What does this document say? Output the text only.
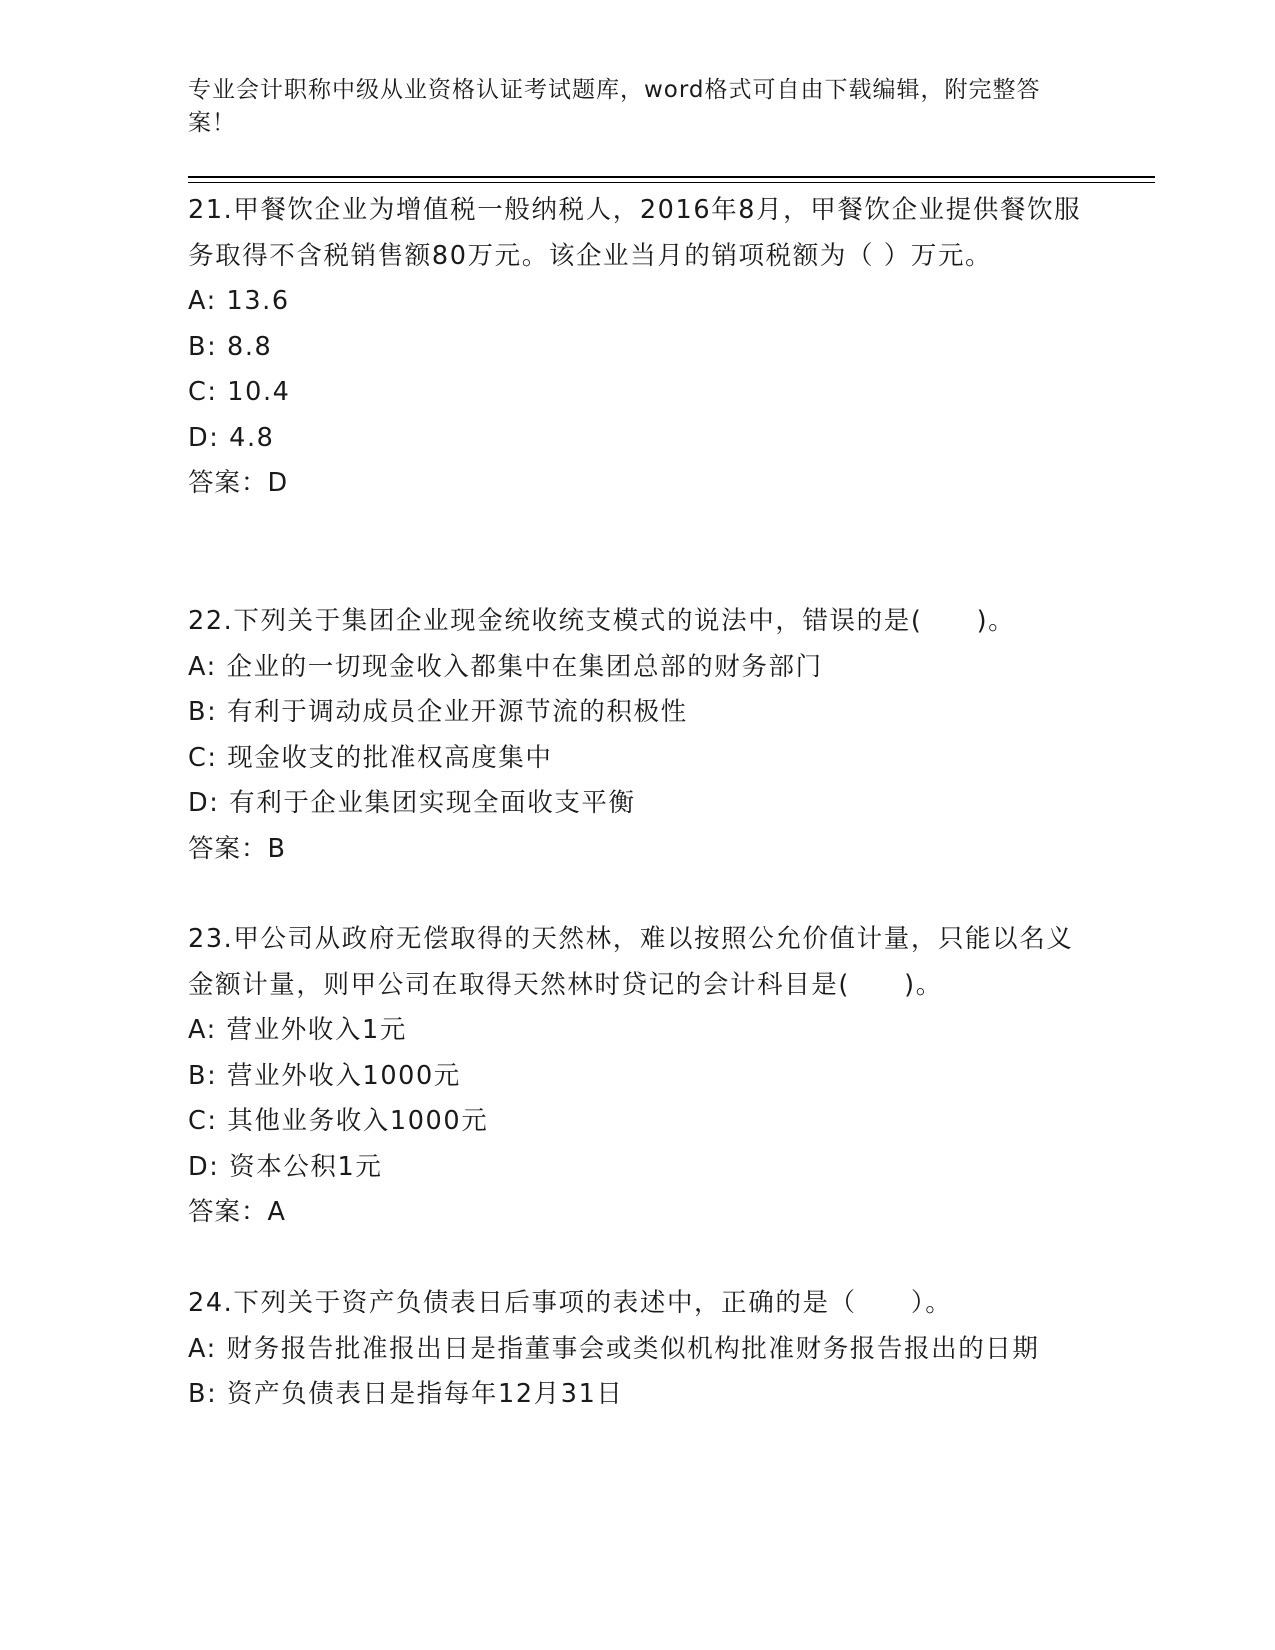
专业会计职称中级从业资格认证考试题库，word格式可自由下载编辑，附完整答案！

21.甲餐饮企业为增值税一般纳税人，2016年8月，甲餐饮企业提供餐饮服务取得不含税销售额80万元。该企业当月的销项税额为（ ）万元。

A: 13.6

B: 8.8

C: 10.4

D: 4.8

答案：D

22.下列关于集团企业现金统收统支模式的说法中，错误的是(　　)。

A: 企业的一切现金收入都集中在集团总部的财务部门

B: 有利于调动成员企业开源节流的积极性

C: 现金收支的批准权高度集中

D: 有利于企业集团实现全面收支平衡

答案：B

23.甲公司从政府无偿取得的天然林，难以按照公允价值计量，只能以名义金额计量，则甲公司在取得天然林时贷记的会计科目是(　　)。

A: 营业外收入1元

B: 营业外收入1000元

C: 其他业务收入1000元

D: 资本公积1元

答案：A

24.下列关于资产负债表日后事项的表述中，正确的是（　　）。

A: 财务报告批准报出日是指董事会或类似机构批准财务报告报出的日期

B: 资产负债表日是指每年12月31日
